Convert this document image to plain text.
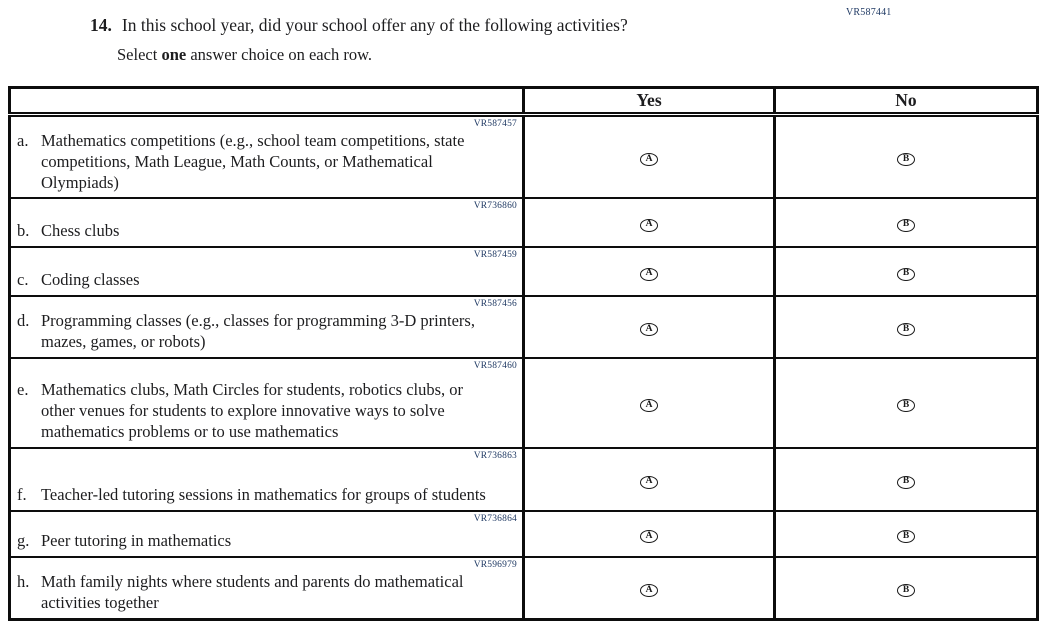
VR587441
14. In this school year, did your school offer any of the following activities?
Select one answer choice on each row.
	Yes	No

VR587457
a. Mathematics competitions (e.g., school team competitions, state competitions, Math League, Math Counts, or Mathematical Olympiads)	A	B

VR736860
b. Chess clubs	A	B

VR587459
c. Coding classes	A	B

VR587456
d. Programming classes (e.g., classes for programming 3-D printers, mazes, games, or robots)	A	B

VR587460
e. Mathematics clubs, Math Circles for students, robotics clubs, or other venues for students to explore innovative ways to solve mathematics problems or to use mathematics	A	B

VR736863
f. Teacher-led tutoring sessions in mathematics for groups of students	A	B

VR736864
g. Peer tutoring in mathematics	A	B

VR596979
h. Math family nights where students and parents do mathematical activities together	A	B
